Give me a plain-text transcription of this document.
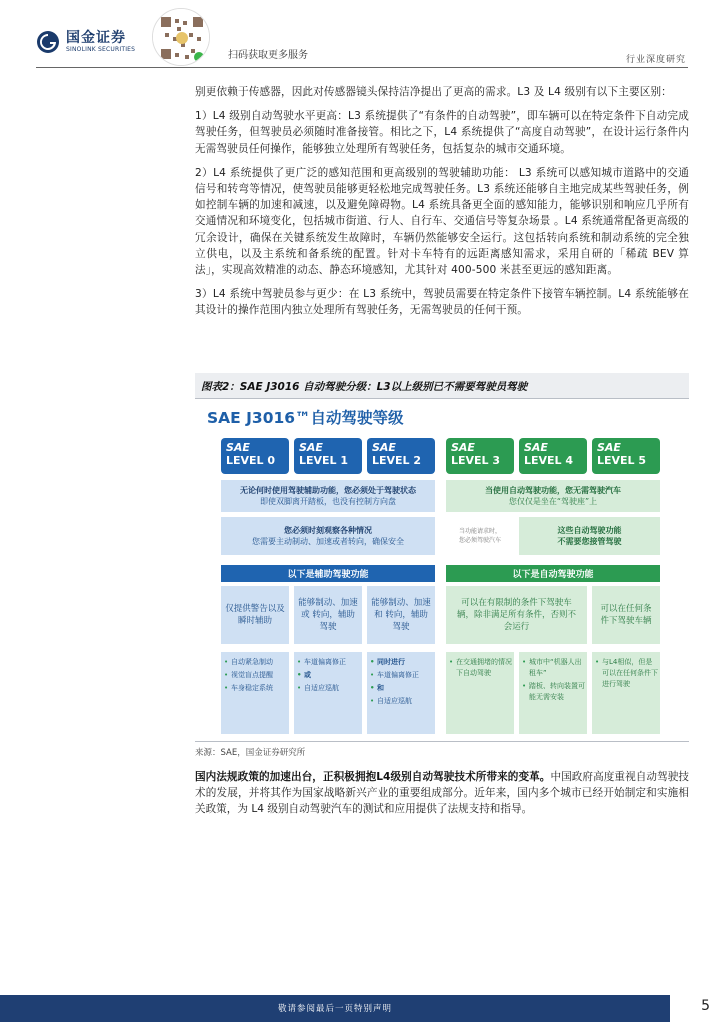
国金证券
SINOLINK SECURITIES
扫码获取更多服务	行业深度研究

别更依赖于传感器，因此对传感器镜头保持洁净提出了更高的需求。L3 及 L4 级别有以下主要区别：

1）L4 级别自动驾驶水平更高：L3 系统提供了“有条件的自动驾驶”，即车辆可以在特定条件下自动完成驾驶任务，但驾驶员必须随时准备接管。相比之下，L4 系统提供了“高度自动驾驶”，在设计运行条件内无需驾驶员任何操作，能够独立处理所有驾驶任务，包括复杂的城市交通环境。

2）L4 系统提供了更广泛的感知范围和更高级别的驾驶辅助功能： L3 系统可以感知城市道路中的交通信号和转弯等情况，使驾驶员能够更轻松地完成驾驶任务。L3 系统还能够自主地完成某些驾驶任务，例如控制车辆的加速和减速，以及避免障碍物。L4 系统具备更全面的感知能力，能够识别和响应几乎所有交通情况和环境变化，包括城市街道、行人、自行车、交通信号等复杂场景 。L4 系统通常配备更高级的冗余设计，确保在关键系统发生故障时，车辆仍然能够安全运行。这包括转向系统和制动系统的完全独立供电，以及主系统和备系统的配置。针对卡车特有的远距离感知需求，采用自研的「稀疏 BEV 算法」，实现高效精准的动态、静态环境感知，尤其针对 400-500 米甚至更远的感知距离。

3）L4 系统中驾驶员参与更少：在 L3 系统中，驾驶员需要在特定条件下接管车辆控制。L4 系统能够在其设计的操作范围内独立处理所有驾驶任务，无需驾驶员的任何干预。

图表2：SAE J3016 自动驾驶分级：L3以上级别已不需要驾驶员驾驶
SAE J3016™自动驾驶等级
SAE
LEVEL 0
SAE
LEVEL 1
SAE
LEVEL 2
SAE
LEVEL 3
SAE
LEVEL 4
SAE
LEVEL 5
无论何时使用驾驶辅助功能，您必须处于驾驶状态
即使双脚离开踏板，也没有控制方向盘
当使用自动驾驶功能，您无需驾驶汽车
您仅仅是坐在“驾驶座”上
您必须时刻观察各种情况
您需要主动制动、加速或者转向，确保安全
当功能请求时，
您必须驾驶汽车
这些自动驾驶功能
不需要您接管驾驶
以下是辅助驾驶功能	以下是自动驾驶功能
仅提供警告以及瞬时辅助
能够制动、加速 或 转向，辅助驾驶
能够制动、加速 和 转向，辅助驾驶
可以在有限制的条件下驾驶车辆，除非满足所有条件，否则不会运行
可以在任何条件下驾驶车辆
• 自动紧急制动
• 视觉盲点提醒
• 车身稳定系统
• 车道偏离修正
• 或
• 自适应巡航
• 同时进行
• 车道偏离修正
• 和
• 自适应巡航
• 在交通拥堵的情况下自动驾驶
• 城市中“机器人出租车”
• 踏板、转向装置可能无需安装
• 与L4相似，但是可以在任何条件下进行驾驶
来源：SAE，国金证券研究所
国内法规政策的加速出台，正积极拥抱L4级别自动驾驶技术所带来的变革。中国政府高度重视自动驾驶技术的发展，并将其作为国家战略新兴产业的重要组成部分。近年来，国内多个城市已经开始制定和实施相关政策，为 L4 级别自动驾驶汽车的测试和应用提供了法规支持和指导。
敬请参阅最后一页特别声明	5
